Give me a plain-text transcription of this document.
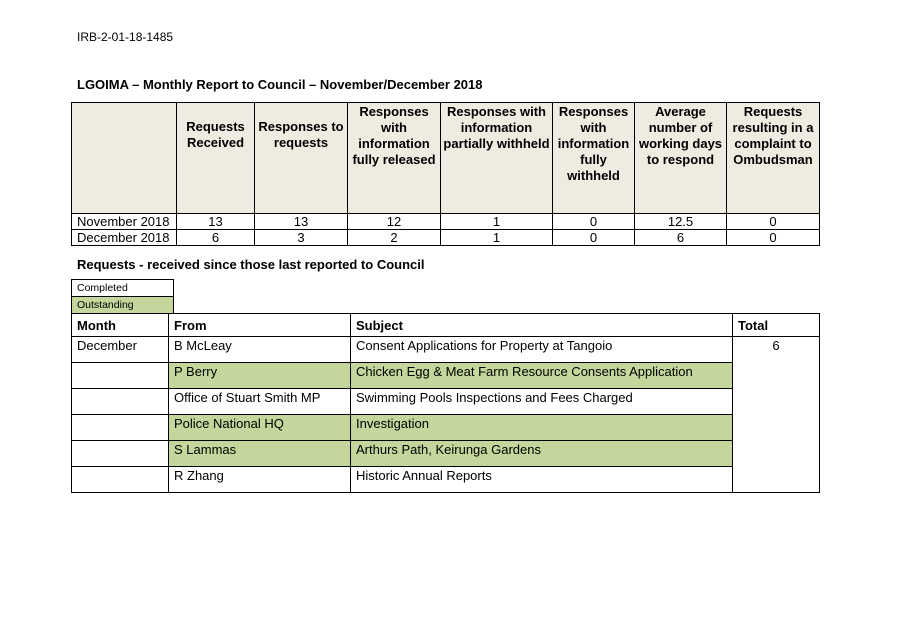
IRB-2-01-18-1485
LGOIMA – Monthly Report to Council – November/December 2018
	Requests Received	Responses to requests	Responses with information fully released	Responses with information partially withheld	Responses with information fully withheld	Average number of working days to respond	Requests resulting in a complaint to Ombudsman
November 2018	13	13	12	1	0	12.5	0
December 2018	6	3	2	1	0	6	0
Requests - received since those last reported to Council
Completed
Outstanding
Month	From	Subject	Total
December	B McLeay	Consent Applications for Property at Tangoio	6
	P Berry	Chicken Egg & Meat Farm Resource Consents Application	
	Office of Stuart Smith MP	Swimming Pools Inspections and Fees Charged	
	Police National HQ	Investigation	
	S Lammas	Arthurs Path, Keirunga Gardens	
	R Zhang	Historic Annual Reports	
